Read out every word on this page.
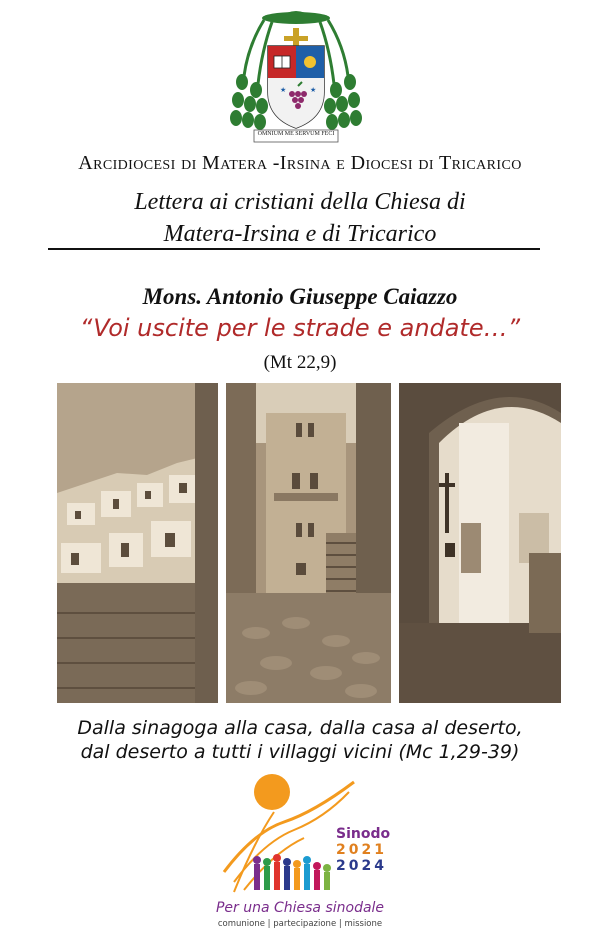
★	★
OMNIUM ME SERVUM FECI
Arcidiocesi di Matera -Irsina e Diocesi di Tricarico
Lettera ai cristiani della Chiesa di
Matera-Irsina e di Tricarico
Mons. Antonio Giuseppe Caiazzo
“Voi uscite per le strade e andate…”
(Mt 22,9)
Dalla sinagoga alla casa, dalla casa al deserto,
dal deserto a tutti i villaggi vicini (Mc 1,29-39)
Sinodo
2021
2024
Per una Chiesa sinodale
comunione | partecipazione | missione
